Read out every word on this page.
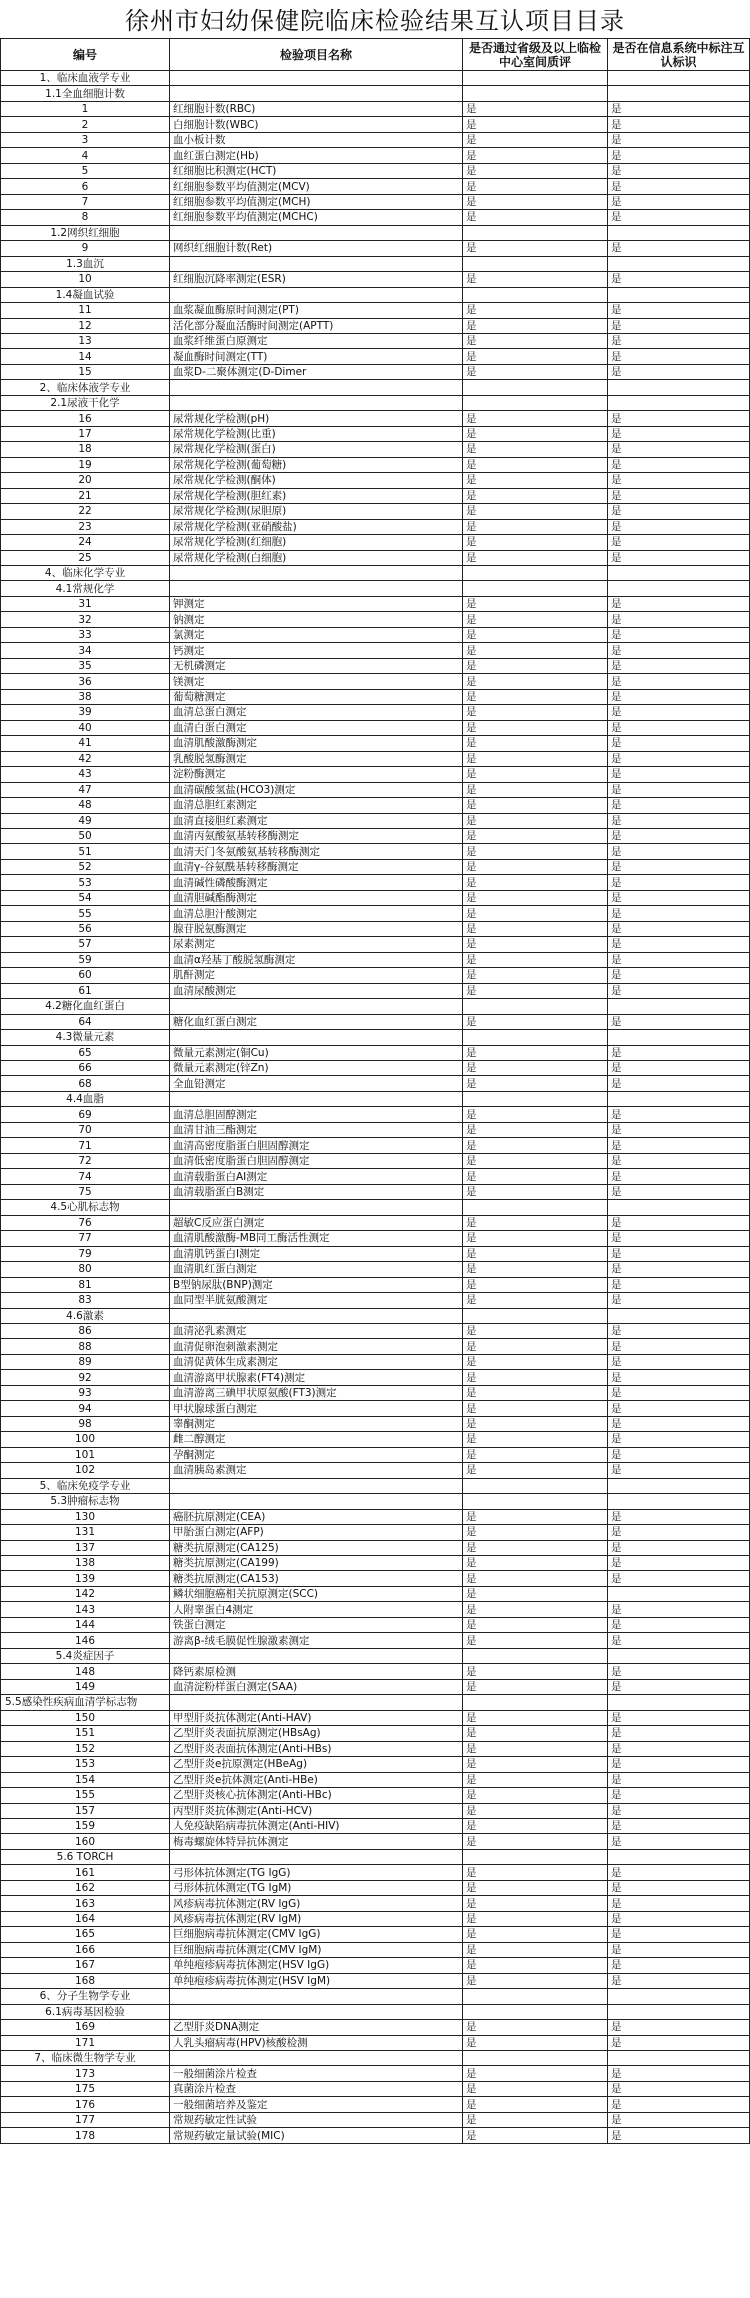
徐州市妇幼保健院临床检验结果互认项目目录
编号	检验项目名称	是否通过省级及以上临检中心室间质评	是否在信息系统中标注互认标识
1、临床血液学专业			
1.1全血细胞计数			
1	红细胞计数(RBC)	是	是
2	白细胞计数(WBC)	是	是
3	血小板计数	是	是
4	血红蛋白测定(Hb)	是	是
5	红细胞比积测定(HCT)	是	是
6	红细胞参数平均值测定(MCV)	是	是
7	红细胞参数平均值测定(MCH)	是	是
8	红细胞参数平均值测定(MCHC)	是	是
1.2网织红细胞			
9	网织红细胞计数(Ret)	是	是
1.3血沉			
10	红细胞沉降率测定(ESR)	是	是
1.4凝血试验			
11	血浆凝血酶原时间测定(PT)	是	是
12	活化部分凝血活酶时间测定(APTT)	是	是
13	血浆纤维蛋白原测定	是	是
14	凝血酶时间测定(TT)	是	是
15	血浆D-二聚体测定(D-Dimer	是	是
2、临床体液学专业			
2.1尿液干化学			
16	尿常规化学检测(pH)	是	是
17	尿常规化学检测(比重)	是	是
18	尿常规化学检测(蛋白)	是	是
19	尿常规化学检测(葡萄糖)	是	是
20	尿常规化学检测(酮体)	是	是
21	尿常规化学检测(胆红素)	是	是
22	尿常规化学检测(尿胆原)	是	是
23	尿常规化学检测(亚硝酸盐)	是	是
24	尿常规化学检测(红细胞)	是	是
25	尿常规化学检测(白细胞)	是	是
4、临床化学专业			
4.1常规化学			
31	钾测定	是	是
32	钠测定	是	是
33	氯测定	是	是
34	钙测定	是	是
35	无机磷测定	是	是
36	镁测定	是	是
38	葡萄糖测定	是	是
39	血清总蛋白测定	是	是
40	血清白蛋白测定	是	是
41	血清肌酸激酶测定	是	是
42	乳酸脱氢酶测定	是	是
43	淀粉酶测定	是	是
47	血清碳酸氢盐(HCO3)测定	是	是
48	血清总胆红素测定	是	是
49	血清直接胆红素测定	是	是
50	血清丙氨酸氨基转移酶测定	是	是
51	血清天门冬氨酸氨基转移酶测定	是	是
52	血清γ-谷氨酰基转移酶测定	是	是
53	血清碱性磷酸酶测定	是	是
54	血清胆碱酯酶测定	是	是
55	血清总胆汁酸测定	是	是
56	腺苷脱氨酶测定	是	是
57	尿素测定	是	是
59	血清α羟基丁酸脱氢酶测定	是	是
60	肌酐测定	是	是
61	血清尿酸测定	是	是
4.2糖化血红蛋白			
64	糖化血红蛋白测定	是	是
4.3微量元素			
65	微量元素测定(铜Cu)	是	是
66	微量元素测定(锌Zn)	是	是
68	全血铅测定	是	是
4.4血脂			
69	血清总胆固醇测定	是	是
70	血清甘油三酯测定	是	是
71	血清高密度脂蛋白胆固醇测定	是	是
72	血清低密度脂蛋白胆固醇测定	是	是
74	血清载脂蛋白AI测定	是	是
75	血清载脂蛋白B测定	是	是
4.5心肌标志物			
76	超敏C反应蛋白测定	是	是
77	血清肌酸激酶-MB同工酶活性测定	是	是
79	血清肌钙蛋白I测定	是	是
80	血清肌红蛋白测定	是	是
81	B型钠尿肽(BNP)测定	是	是
83	血同型半胱氨酸测定	是	是
4.6激素			
86	血清泌乳素测定	是	是
88	血清促卵泡刺激素测定	是	是
89	血清促黄体生成素测定	是	是
92	血清游离甲状腺素(FT4)测定	是	是
93	血清游离三碘甲状原氨酸(FT3)测定	是	是
94	甲状腺球蛋白测定	是	是
98	睾酮测定	是	是
100	雌二醇测定	是	是
101	孕酮测定	是	是
102	血清胰岛素测定	是	是
5、临床免疫学专业			
5.3肿瘤标志物			
130	癌胚抗原测定(CEA)	是	是
131	甲胎蛋白测定(AFP)	是	是
137	糖类抗原测定(CA125)	是	是
138	糖类抗原测定(CA199)	是	是
139	糖类抗原测定(CA153)	是	是
142	鳞状细胞癌相关抗原测定(SCC)	是	
143	人附睾蛋白4测定	是	是
144	铁蛋白测定	是	是
146	游离β-绒毛膜促性腺激素测定	是	是
5.4炎症因子			
148	降钙素原检测	是	是
149	血清淀粉样蛋白测定(SAA)	是	是
5.5感染性疾病血清学标志物			
150	甲型肝炎抗体测定(Anti-HAV)	是	是
151	乙型肝炎表面抗原测定(HBsAg)	是	是
152	乙型肝炎表面抗体测定(Anti-HBs)	是	是
153	乙型肝炎e抗原测定(HBeAg)	是	是
154	乙型肝炎e抗体测定(Anti-HBe)	是	是
155	乙型肝炎核心抗体测定(Anti-HBc)	是	是
157	丙型肝炎抗体测定(Anti-HCV)	是	是
159	人免疫缺陷病毒抗体测定(Anti-HIV)	是	是
160	梅毒螺旋体特异抗体测定	是	是
5.6 TORCH			
161	弓形体抗体测定(TG IgG)	是	是
162	弓形体抗体测定(TG IgM)	是	是
163	风疹病毒抗体测定(RV IgG)	是	是
164	风疹病毒抗体测定(RV IgM)	是	是
165	巨细胞病毒抗体测定(CMV IgG)	是	是
166	巨细胞病毒抗体测定(CMV IgM)	是	是
167	单纯疱疹病毒抗体测定(HSV IgG)	是	是
168	单纯疱疹病毒抗体测定(HSV IgM)	是	是
6、分子生物学专业			
6.1病毒基因检验			
169	乙型肝炎DNA测定	是	是
171	人乳头瘤病毒(HPV)核酸检测	是	是
7、临床微生物学专业			
173	一般细菌涂片检查	是	是
175	真菌涂片检查	是	是
176	一般细菌培养及鉴定	是	是
177	常规药敏定性试验	是	是
178	常规药敏定量试验(MIC)	是	是
